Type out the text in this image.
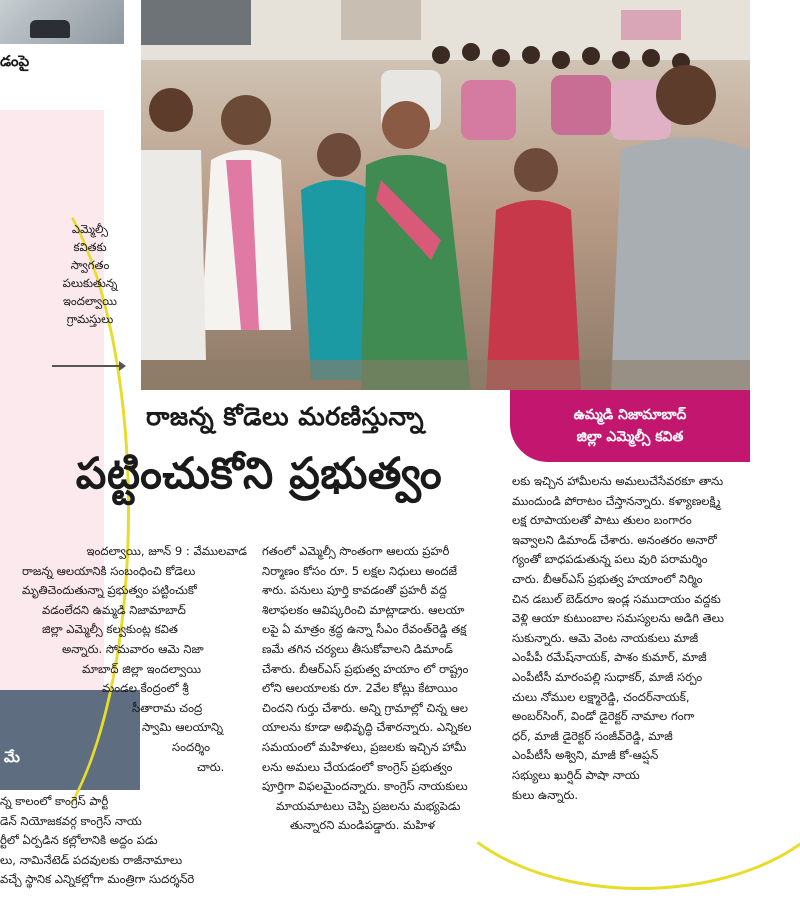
డంపై
మే
ఎమ్మెల్సీ
కవితకు
స్వాగతం
పలుకుతున్న
ఇందల్వాయి
గ్రామస్తులు
ఉమ్మడి నిజామాబాద్
జిల్లా ఎమ్మెల్సీ కవిత
రాజన్న కోడెలు మరణిస్తున్నా
పట్టించుకోని ప్రభుత్వం

ఇందల్వాయి, జూన్ 9 : వేములవాడ

రాజన్న ఆలయానికి సంబంధించి కోడెలు

మృతిచెందుతున్నా ప్రభుత్వం పట్టించుకో

వడంలేదని ఉమ్మడి నిజామాబాద్

జిల్లా ఎమ్మెల్సీ కల్వకుంట్ల కవిత

అన్నారు. సోమవారం ఆమె నిజా

మాబాద్ జిల్లా ఇందల్వాయి

మండల కేంద్రంలో శ్రీ

సీతారామ చంద్ర

స్వామి ఆలయాన్ని

సందర్శిం

చారు.

న్న కాలంలో కాంగ్రెస్ పార్టీ

డెన్ నియోజకవర్గ కాంగ్రెస్ నాయ

ర్టీలో ఏర్పడిన కల్లోలానికి అద్దం పడు

లు, నామినేటెడ్ పదవులకు రాజీనామాలు

వచ్చే స్థానిక ఎన్నికల్లోగా మంత్రిగా సుదర్శన్‌రె

గతంలో ఎమ్మెల్సీ సొంతంగా ఆలయ ప్రహరీ

నిర్మాణం కోసం రూ. 5 లక్షల నిధులు అందజే

శారు. పనులు పూర్తి కావడంతో ప్రహరీ వద్ద

శిలాఫలకం ఆవిష్కరించి మాట్లాడారు. ఆలయా

లపై ఏ మాత్రం శ్రద్ధ ఉన్నా సీఎం రేవంత్‌రెడ్డి తక్ష

ణమే తగిన చర్యలు తీసుకోవాలని డిమాండ్

చేశారు. బీఆర్ఎస్ ప్రభుత్వ హయాం లో రాష్ట్రం

లోని ఆలయాలకు రూ. 2వేల కోట్లు కేటాయిం

చిందని గుర్తు చేశారు. అన్ని గ్రామాల్లో చిన్న ఆల

యాలను కూడా అభివృద్ధి చేశారన్నారు. ఎన్నికల

సమయంలో మహిళలు, ప్రజలకు ఇచ్చిన హామీ

లను అమలు చేయడంలో కాంగ్రెస్ ప్రభుత్వం

పూర్తిగా విఫలమైందన్నారు. కాంగ్రెస్ నాయకులు

మాయమాటలు చెప్పి ప్రజలను మభ్యపెడు

తున్నారని మండిపడ్డారు. మహిళ

లకు ఇచ్చిన హామీలను అమలుచేసేవరకూ తాను

ముందుండి పోరాటం చేస్తానన్నారు. కళ్యాణలక్ష్మి

లక్ష రూపాయలతో పాటు తులం బంగారం

ఇవ్వాలని డిమాండ్ చేశారు. అనంతరం అనారో

గ్యంతో బాధపడుతున్న పలు వురి పరామర్శిం

చారు. బీఆర్ఎస్ ప్రభుత్వ హయాంలో నిర్మిం

చిన డబుల్ బెడ్‌రూం ఇండ్ల సముదాయం వద్దకు

వెళ్లి ఆయా కుటుంబాల సమస్యలను అడిగి తెలు

సుకున్నారు. ఆమె వెంట నాయకులు మాజీ

ఎంపీపీ రమేష్‌నాయక్, పాశం కుమార్, మాజీ

ఎంపీటీసీ మారంపల్లి సుధాకర్, మాజీ సర్పం

చులు నోముల లక్ష్మారెడ్డి, చందర్‌నాయక్,

అంబర్‌సింగ్, విండో డైరెక్టర్ నామాల గంగా

ధర్, మాజీ డైరెక్టర్ సంజీవ్‌రెడ్డి, మాజీ

ఎంపీటీసీ అశ్విని, మాజీ కో-ఆప్షన్

సభ్యులు ఖుర్షిద్ పాషా నాయ

కులు ఉన్నారు.
